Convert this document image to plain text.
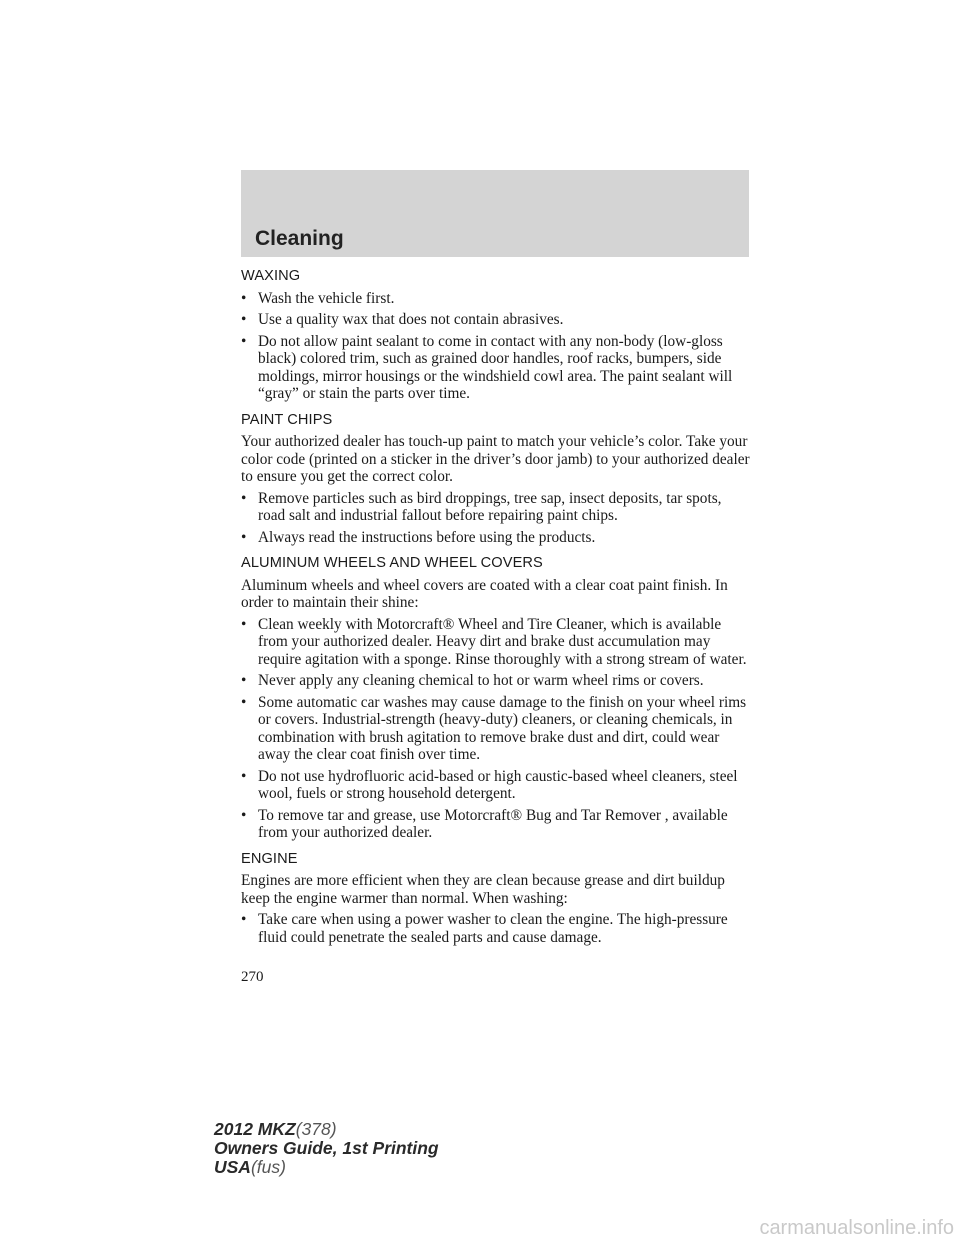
Cleaning
WAXING
• Wash the vehicle first.
• Use a quality wax that does not contain abrasives.
• Do not allow paint sealant to come in contact with any non-body (low-gloss black) colored trim, such as grained door handles, roof racks, bumpers, side moldings, mirror housings or the windshield cowl area. The paint sealant will “gray” or stain the parts over time.
PAINT CHIPS

Your authorized dealer has touch-up paint to match your vehicle’s color. Take your color code (printed on a sticker in the driver’s door jamb) to your authorized dealer to ensure you get the correct color.

• Remove particles such as bird droppings, tree sap, insect deposits, tar spots, road salt and industrial fallout before repairing paint chips.
• Always read the instructions before using the products.
ALUMINUM WHEELS AND WHEEL COVERS

Aluminum wheels and wheel covers are coated with a clear coat paint finish. In order to maintain their shine:

• Clean weekly with Motorcraft® Wheel and Tire Cleaner, which is available from your authorized dealer. Heavy dirt and brake dust accumulation may require agitation with a sponge. Rinse thoroughly with a strong stream of water.
• Never apply any cleaning chemical to hot or warm wheel rims or covers.
• Some automatic car washes may cause damage to the finish on your wheel rims or covers. Industrial-strength (heavy-duty) cleaners, or cleaning chemicals, in combination with brush agitation to remove brake dust and dirt, could wear away the clear coat finish over time.
• Do not use hydrofluoric acid-based or high caustic-based wheel cleaners, steel wool, fuels or strong household detergent.
• To remove tar and grease, use Motorcraft® Bug and Tar Remover , available from your authorized dealer.
ENGINE

Engines are more efficient when they are clean because grease and dirt buildup keep the engine warmer than normal. When washing:

• Take care when using a power washer to clean the engine. The high-pressure fluid could penetrate the sealed parts and cause damage.
270
2012 MKZ(378)
Owners Guide, 1st Printing
USA(fus)
carmanualsonline.info
